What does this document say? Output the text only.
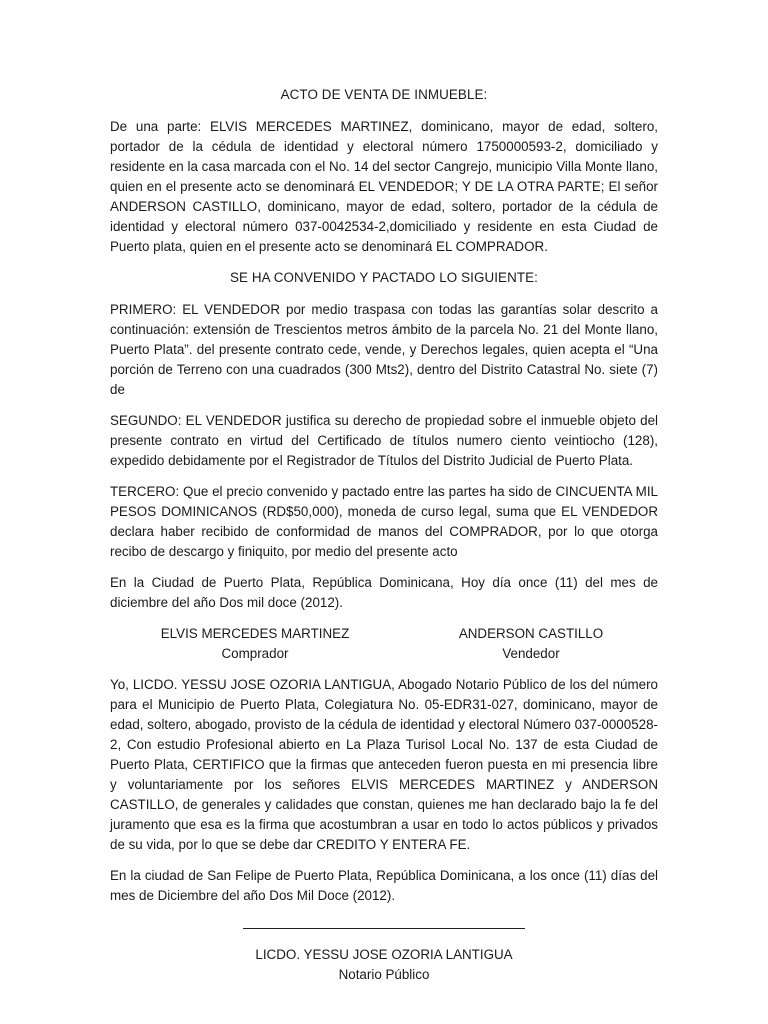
ACTO DE VENTA DE INMUEBLE:
De una parte: ELVIS MERCEDES MARTINEZ, dominicano, mayor de edad, soltero, portador de la cédula de identidad y electoral número 1750000593-2, domiciliado y residente en la casa marcada con el No. 14 del sector Cangrejo, municipio Villa Monte llano, quien en el presente acto se denominará EL VENDEDOR; Y DE LA OTRA PARTE; El señor ANDERSON CASTILLO, dominicano, mayor de edad, soltero, portador de la cédula de identidad y electoral número 037-0042534-2,domiciliado y residente en esta Ciudad de Puerto plata, quien en el presente acto se denominará EL COMPRADOR.
SE HA CONVENIDO Y PACTADO LO SIGUIENTE:
PRIMERO: EL VENDEDOR por medio traspasa con todas las garantías solar descrito a continuación: extensión de Trescientos metros ámbito de la parcela No. 21 del Monte llano, Puerto Plata”. del presente contrato cede, vende, y Derechos legales, quien acepta el “Una porción de Terreno con una cuadrados (300 Mts2), dentro del Distrito Catastral No. siete (7) de
SEGUNDO: EL VENDEDOR justifica su derecho de propiedad sobre el inmueble objeto del presente contrato en virtud del Certificado de títulos numero ciento veintiocho (128), expedido debidamente por el Registrador de Títulos del Distrito Judicial de Puerto Plata.
TERCERO: Que el precio convenido y pactado entre las partes ha sido de CINCUENTA MIL PESOS DOMINICANOS (RD$50,000), moneda de curso legal, suma que EL VENDEDOR declara haber recibido de conformidad de manos del COMPRADOR, por lo que otorga recibo de descargo y finiquito, por medio del presente acto
En la Ciudad de Puerto Plata, República Dominicana, Hoy día once (11) del mes de diciembre del año Dos mil doce (2012).
ELVIS MERCEDES MARTINEZ
Comprador
ANDERSON CASTILLO
Vendedor
Yo, LICDO. YESSU JOSE OZORIA LANTIGUA, Abogado Notario Público de los del número para el Municipio de Puerto Plata, Colegiatura No. 05-EDR31-027, dominicano, mayor de edad, soltero, abogado, provisto de la cédula de identidad y electoral Número 037-0000528-2, Con estudio Profesional abierto en La Plaza Turisol Local No. 137 de esta Ciudad de Puerto Plata, CERTIFICO que la firmas que anteceden fueron puesta en mi presencia libre y voluntariamente por los señores ELVIS MERCEDES MARTINEZ y ANDERSON CASTILLO, de generales y calidades que constan, quienes me han declarado bajo la fe del juramento que esa es la firma que acostumbran a usar en todo lo actos públicos y privados de su vida, por lo que se debe dar CREDITO Y ENTERA FE.
En la ciudad de San Felipe de Puerto Plata, República Dominicana, a los once (11) días del mes de Diciembre del año Dos Mil Doce (2012).
LICDO. YESSU JOSE OZORIA LANTIGUA
Notario Público
